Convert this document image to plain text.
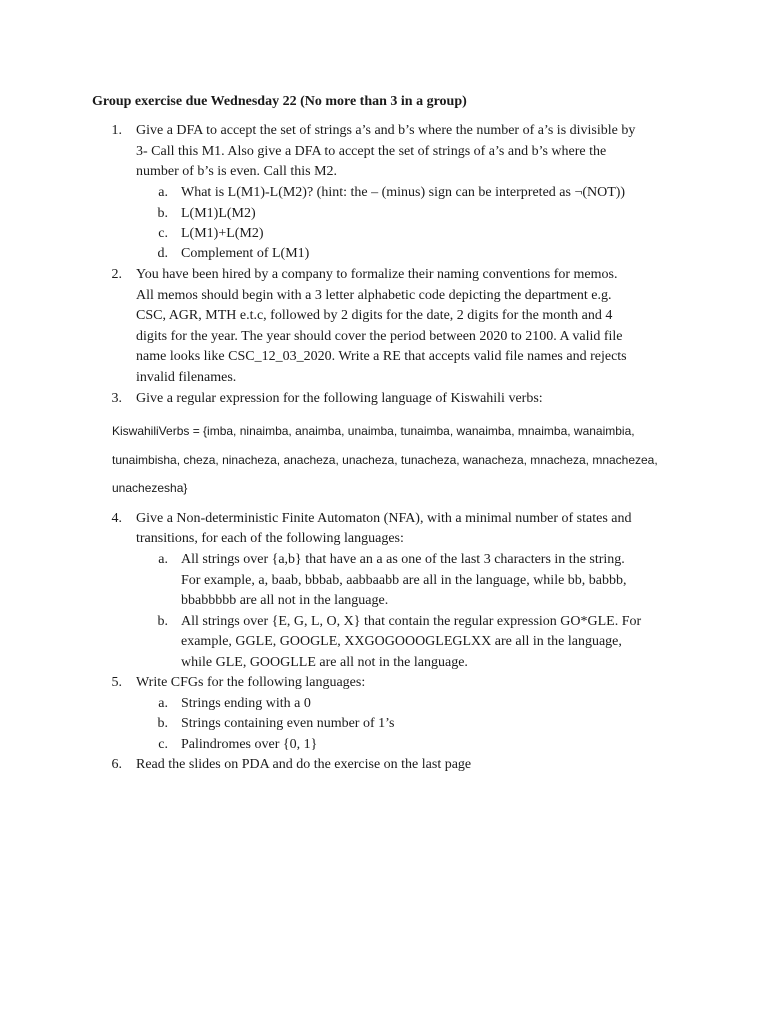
Group exercise due Wednesday 22 (No more than 3 in a group)
1. Give a DFA to accept the set of strings a’s and b’s where the number of a’s is divisible by
3- Call this M1. Also give a DFA to accept the set of strings of a’s and b’s where the
number of b’s is even. Call this M2.
a. What is L(M1)-L(M2)? (hint: the – (minus) sign can be interpreted as ¬(NOT))
b. L(M1)L(M2)
c. L(M1)+L(M2)
d. Complement of L(M1)
2. You have been hired by a company to formalize their naming conventions for memos.
All memos should begin with a 3 letter alphabetic code depicting the department e.g.
CSC, AGR, MTH e.t.c, followed by 2 digits for the date, 2 digits for the month and 4
digits for the year. The year should cover the period between 2020 to 2100. A valid file
name looks like CSC_12_03_2020. Write a RE that accepts valid file names and rejects
invalid filenames.
3. Give a regular expression for the following language of Kiswahili verbs:
KiswahiliVerbs = {imba, ninaimba, anaimba, unaimba, tunaimba, wanaimba, mnaimba, wanaimbia,
tunaimbisha, cheza, ninacheza, anacheza, unacheza, tunacheza, wanacheza, mnacheza, mnachezea,
unachezesha}
4. Give a Non-deterministic Finite Automaton (NFA), with a minimal number of states and
transitions, for each of the following languages:
a. All strings over {a,b} that have an a as one of the last 3 characters in the string.
For example, a, baab, bbbab, aabbaabb are all in the language, while bb, babbb,
bbabbbbb are all not in the language.
b. All strings over {E, G, L, O, X} that contain the regular expression GO*GLE. For
example, GGLE, GOOGLE, XXGOGOOOGLEGLXX are all in the language,
while GLE, GOOGLLE are all not in the language.
5. Write CFGs for the following languages:
a. Strings ending with a 0
b. Strings containing even number of 1’s
c. Palindromes over {0, 1}
6. Read the slides on PDA and do the exercise on the last page
